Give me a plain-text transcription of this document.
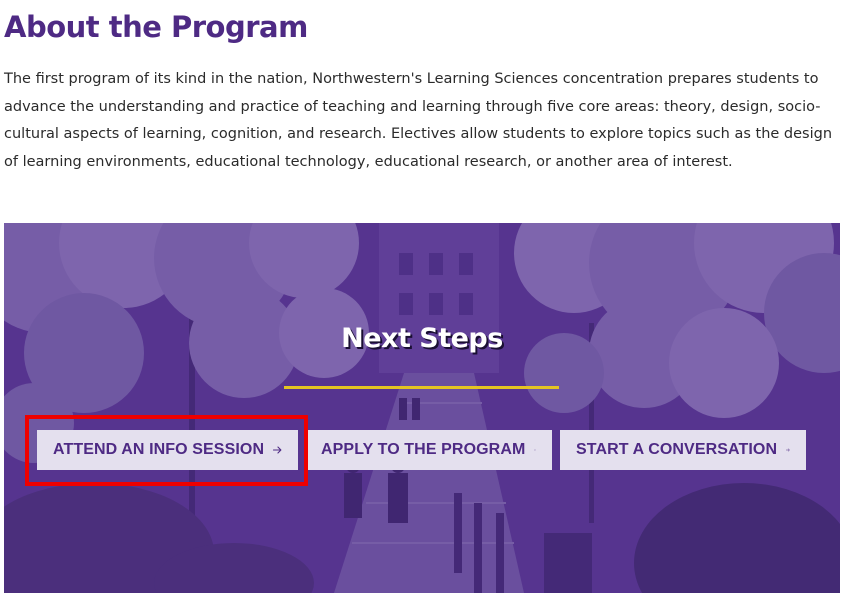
About the Program

The first program of its kind in the nation, Northwestern's Learning Sciences concentration prepares students to advance the understanding and practice of teaching and learning through five core areas: theory, design, socio-cultural aspects of learning, cognition, and research. Electives allow students to explore topics such as the design of learning environments, educational technology, educational research, or another area of interest.

Next Steps
ATTEND AN INFO SESSION	APPLY TO THE PROGRAM	START A CONVERSATION
